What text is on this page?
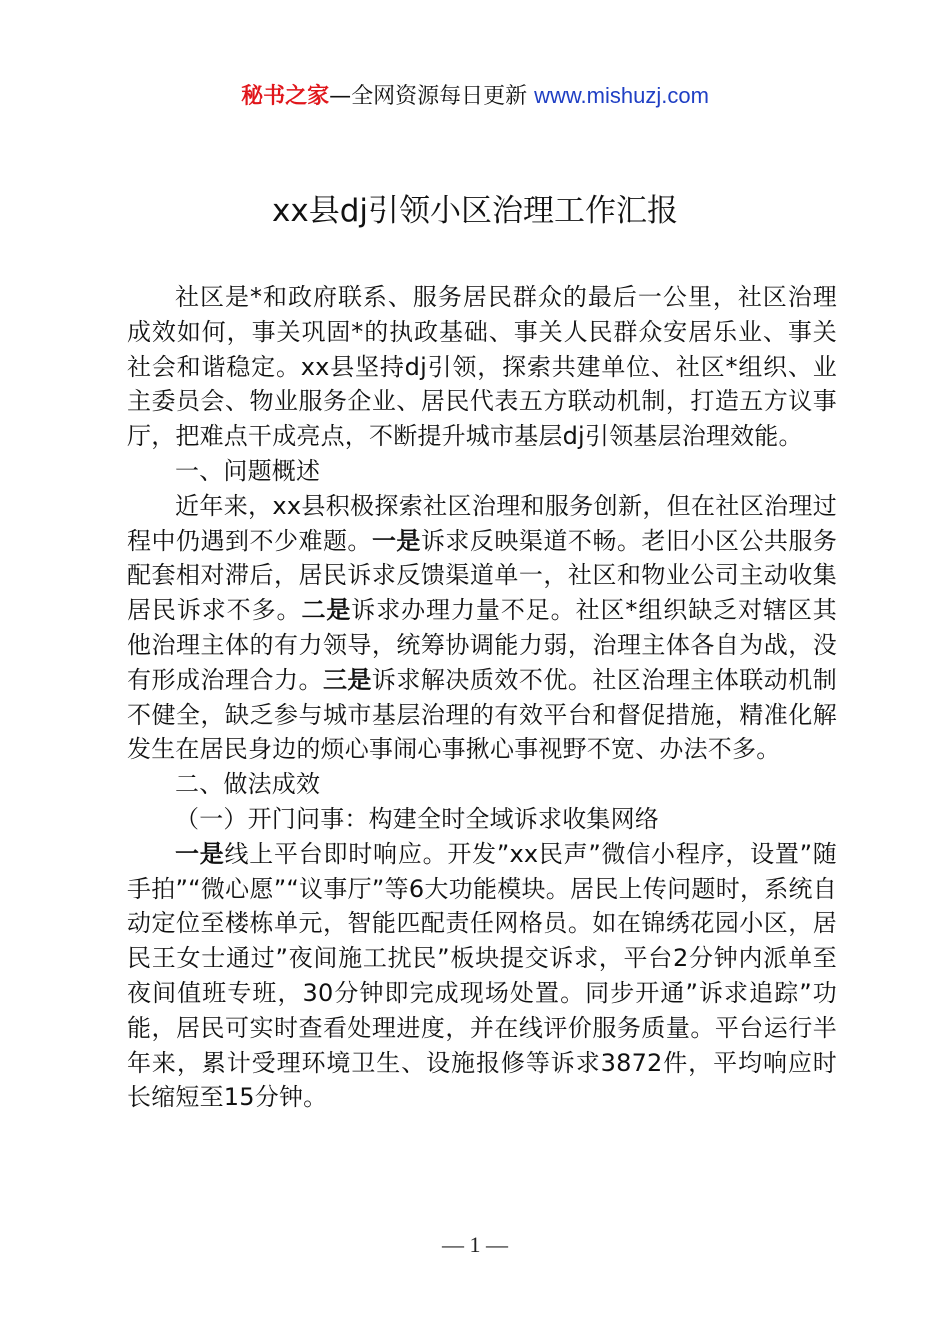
秘书之家—全网资源每日更新 www.mishuzj.com
xx县dj引领小区治理工作汇报

社区是*和政府联系、服务居民群众的最后一公里，社区治理成效如何，事关巩固*的执政基础、事关人民群众安居乐业、事关社会和谐稳定。xx县坚持dj引领，探索共建单位、社区*组织、业主委员会、物业服务企业、居民代表五方联动机制，打造五方议事厅，把难点干成亮点，不断提升城市基层dj引领基层治理效能。

一、问题概述

近年来，xx县积极探索社区治理和服务创新，但在社区治理过程中仍遇到不少难题。一是诉求反映渠道不畅。老旧小区公共服务配套相对滞后，居民诉求反馈渠道单一，社区和物业公司主动收集居民诉求不多。二是诉求办理力量不足。社区*组织缺乏对辖区其他治理主体的有力领导，统筹协调能力弱，治理主体各自为战，没有形成治理合力。三是诉求解决质效不优。社区治理主体联动机制不健全，缺乏参与城市基层治理的有效平台和督促措施，精准化解发生在居民身边的烦心事闹心事揪心事视野不宽、办法不多。

二、做法成效

（一）开门问事：构建全时全域诉求收集网络

一是线上平台即时响应。开发”xx民声”微信小程序，设置”随手拍”“微心愿”“议事厅”等6大功能模块。居民上传问题时，系统自动定位至楼栋单元，智能匹配责任网格员。如在锦绣花园小区，居民王女士通过”夜间施工扰民”板块提交诉求，平台2分钟内派单至夜间值班专班，30分钟即完成现场处置。同步开通”诉求追踪”功能，居民可实时查看处理进度，并在线评价服务质量。平台运行半年来，累计受理环境卫生、设施报修等诉求3872件，平均响应时长缩短至15分钟。

— 1 —
